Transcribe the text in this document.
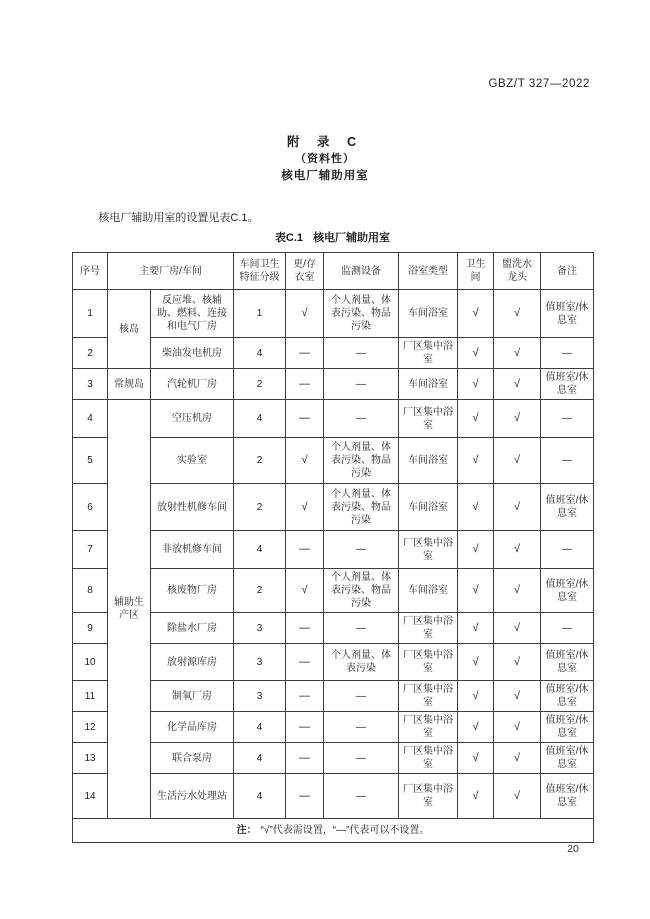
GBZ/T 327—2022
附 录 C
（资料性）
核电厂辅助用室

核电厂辅助用室的设置见表C.1。

表C.1 核电厂辅助用室
序号	主要厂房/车间		车间卫生特征分级	更/存衣室	监测设备	浴室类型	卫生间	盥洗水龙头	备注
1	核岛	反应堆、核辅助、燃料、连接和电气厂房	1	√	个人剂量、体表污染、物品污染	车间浴室	√	√	值班室/休息室
2		柴油发电机房	4	—	—	厂区集中浴室	√	√	—
3	常规岛	汽轮机厂房	2	—	—	车间浴室	√	√	值班室/休息室
4	辅助生产区	空压机房	4	—	—	厂区集中浴室	√	√	—
5		实验室	2	√	个人剂量、体表污染、物品污染	车间浴室	√	√	—
6		放射性机修车间	2	√	个人剂量、体表污染、物品污染	车间浴室	√	√	值班室/休息室
7		非放机修车间	4	—	—	厂区集中浴室	√	√	—
8		核废物厂房	2	√	个人剂量、体表污染、物品污染	车间浴室	√	√	值班室/休息室
9		除盐水厂房	3	—	—	厂区集中浴室	√	√	—
10		放射源库房	3	—	个人剂量、体表污染	厂区集中浴室	√	√	值班室/休息室
11		制氧厂房	3	—	—	厂区集中浴室	√	√	值班室/休息室
12		化学品库房	4	—	—	厂区集中浴室	√	√	值班室/休息室
13		联合泵房	4	—	—	厂区集中浴室	√	√	值班室/休息室
14		生活污水处理站	4	—	—	厂区集中浴室	√	√	值班室/休息室
注： “√”代表需设置，“—”代表可以不设置。									
20
